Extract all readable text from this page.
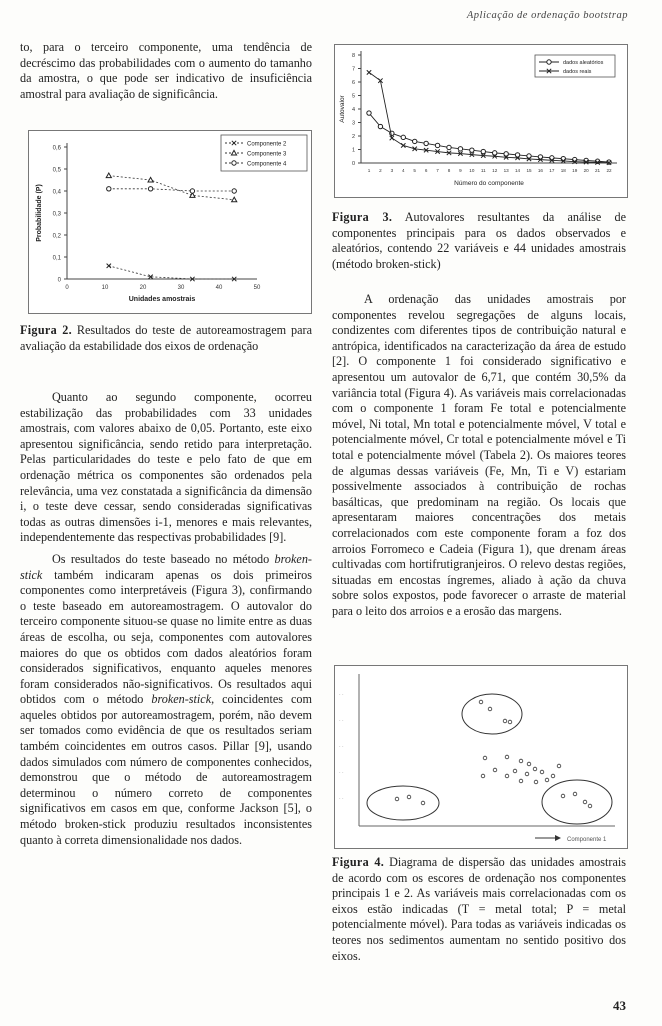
Aplicação de ordenação bootstrap

to, para o terceiro componente, uma tendência de decréscimo das probabilidades com o aumento do tamanho da amostra, o que pode ser indicativo de insuficiência amostral para avaliação de significância.

0
0,1
0,2
0,3
0,4
0,5
0,6
0	10	20	30	40	50
Unidades amostrais
Probabilidade (P)
Componente 2
Componente 3
Componente 4
Figura 2. Resultados do teste de autoreamostragem para avaliação da estabilidade dos eixos de ordenação

Quanto ao segundo componente, ocorreu estabilização das probabilidades com 33 unidades amostrais, com valores abaixo de 0,05. Portanto, este eixo apresentou significância, sendo retido para interpretação. Pelas particularidades do teste e pelo fato de que em ordenação métrica os componentes são ordenados pela relevância, uma vez constatada a significância da dimensão i, o teste deve cessar, sendo consideradas significativas todas as outras dimensões i-1, menores e mais relevantes, independentemente das respectivas probabilidades [9].

Os resultados do teste baseado no método broken-stick também indicaram apenas os dois primeiros componentes como interpretáveis (Figura 3), confirmando o teste baseado em autoreamostragem. O autovalor do terceiro componente situou-se quase no limite entre as duas áreas de escolha, ou seja, componentes com autovalores maiores do que os obtidos com dados aleatórios foram considerados significativos, enquanto aqueles menores foram considerados não-significativos. Os resultados aqui obtidos com o método broken-stick, coincidentes com aqueles obtidos por autoreamostragem, porém, não devem ser tomados como evidência de que os resultados seriam também coincidentes em outros casos. Pillar [9], usando dados simulados com número de componentes conhecidos, demonstrou que o método de autoreamostragem determinou o número correto de componentes significativos em casos em que, conforme Jackson [5], o método broken-stick produziu resultados inconsistentes quanto à correta dimensionalidade nos dados.

0
1
2
3
4
5
6
7
8
1 2 3 4 5 6 7 8 9 10 11 12 13 14 15 16 17 18 19 20 21 22
Número do componente
Autovalor
dados aleatórios
dados reais
Figura 3. Autovalores resultantes da análise de componentes principais para os dados observados e aleatórios, contendo 22 variáveis e 44 unidades amostrais (método broken-stick)

A ordenação das unidades amostrais por componentes revelou segregações de alguns locais, condizentes com diferentes tipos de contribuição natural e antrópica, identificados na caracterização da área de estudo [2]. O componente 1 foi considerado significativo e apresentou um autovalor de 6,71, que contém 30,5% da variância total (Figura 4). As variáveis mais correlacionadas com o componente 1 foram Fe total e potencialmente móvel, Ni total, Mn total e potencialmente móvel, V total e potencialmente móvel, Cr total e potencialmente móvel e Ti total e potencialmente móvel (Tabela 2). Os maiores teores de algumas dessas variáveis (Fe, Mn, Ti e V) estariam possivelmente associados à contribuição de rochas basálticas, que predominam na região. Os locais que apresentaram maiores concentrações dos metais correlacionados com este componente foram a foz dos arroios Forromeco e Cadeia (Figura 1), que drenam áreas cultivadas com hortifrutigranjeiros. O relevo destas regiões, situadas em encostas íngremes, aliado à ação da chuva sobre solos expostos, pode favorecer o arraste de material para o leito dos arroios e a erosão das margens.

· ·
· ·
· ·
· ·
· ·
Componente 1
Figura 4. Diagrama de dispersão das unidades amostrais de acordo com os escores de ordenação nos componentes principais 1 e 2. As variáveis mais correlacionadas com os eixos estão indicadas (T = metal total; P = metal potencialmente móvel). Para todas as variáveis indicadas os teores nos sedimentos aumentam no sentido positivo dos eixos.
43
